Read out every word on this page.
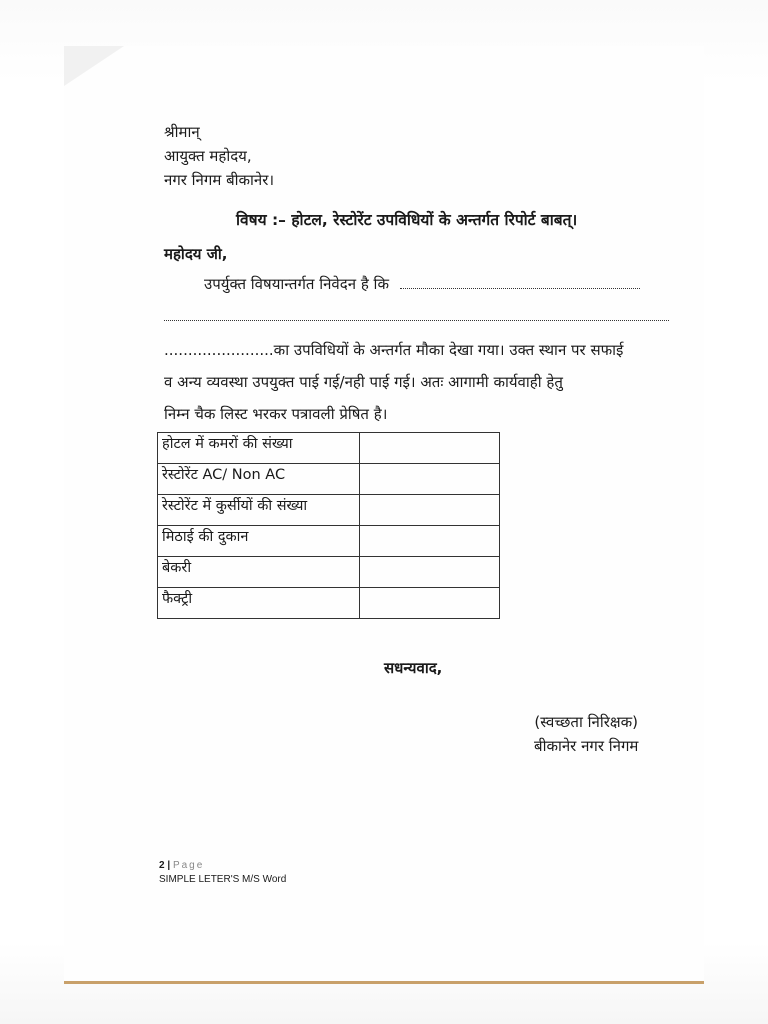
श्रीमान्
आयुक्त महोदय,
नगर निगम बीकानेर।
विषय :– होटल, रेस्टोरेंट उपविधियों के अन्तर्गत रिपोर्ट बाबत्।
महोदय जी,
उपर्युक्त विषयान्तर्गत निवेदन है कि
.......................का उपविधियों के अन्तर्गत मौका देखा गया। उक्त स्थान पर सफाई
व अन्य व्यवस्था उपयुक्त पाई गई/नही पाई गई। अतः आगामी कार्यवाही हेतु
निम्न चैक लिस्ट भरकर पत्रावली प्रेषित है।
होटल में कमरों की संख्या	
रेस्टोरेंट AC/ Non AC	
रेस्टोरेंट में कुर्सीयों की संख्या	
मिठाई की दुकान	
बेकरी	
फैक्ट्री	
सधन्यवाद,
(स्वच्छता निरिक्षक)
बीकानेर नगर निगम
2 | Page
SIMPLE LETER'S M/S Word
